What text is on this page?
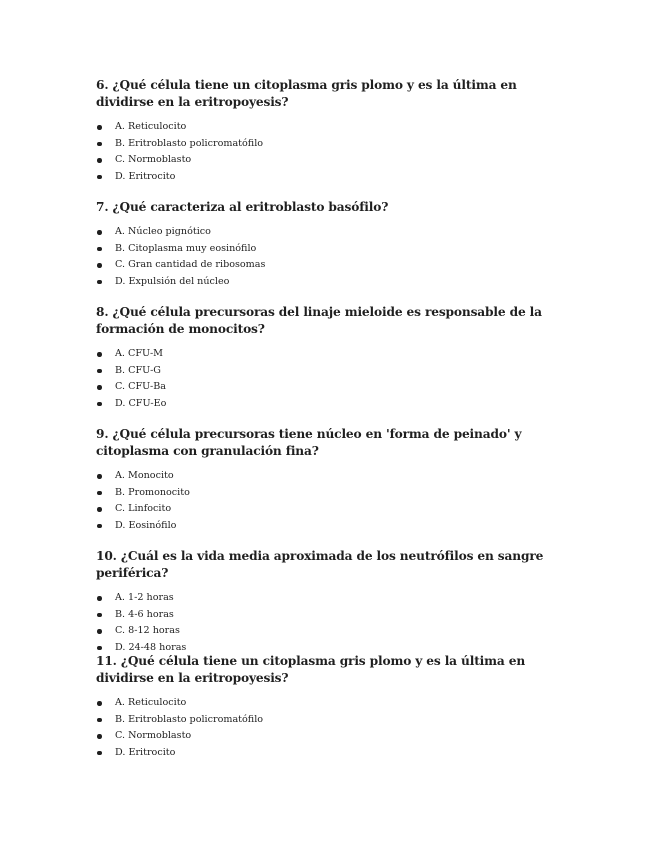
6. ¿Qué célula tiene un citoplasma gris plomo y es la última en dividirse en la eritropoyesis?

A. Reticulocito
B. Eritroblasto policromatófilo
C. Normoblasto
D. Eritrocito

7. ¿Qué caracteriza al eritroblasto basófilo?

A. Núcleo pignótico
B. Citoplasma muy eosinófilo
C. Gran cantidad de ribosomas
D. Expulsión del núcleo

8. ¿Qué célula precursoras del linaje mieloide es responsable de la formación de monocitos?

A. CFU-M
B. CFU-G
C. CFU-Ba
D. CFU-Eo

9. ¿Qué célula precursoras tiene núcleo en 'forma de peinado' y citoplasma con granulación fina?

A. Monocito
B. Promonocito
C. Linfocito
D. Eosinófilo

10. ¿Cuál es la vida media aproximada de los neutrófilos en sangre periférica?

A. 1-2 horas
B. 4-6 horas
C. 8-12 horas
D. 24-48 horas

11. ¿Qué célula tiene un citoplasma gris plomo y es la última en dividirse en la eritropoyesis?

A. Reticulocito
B. Eritroblasto policromatófilo
C. Normoblasto
D. Eritrocito
